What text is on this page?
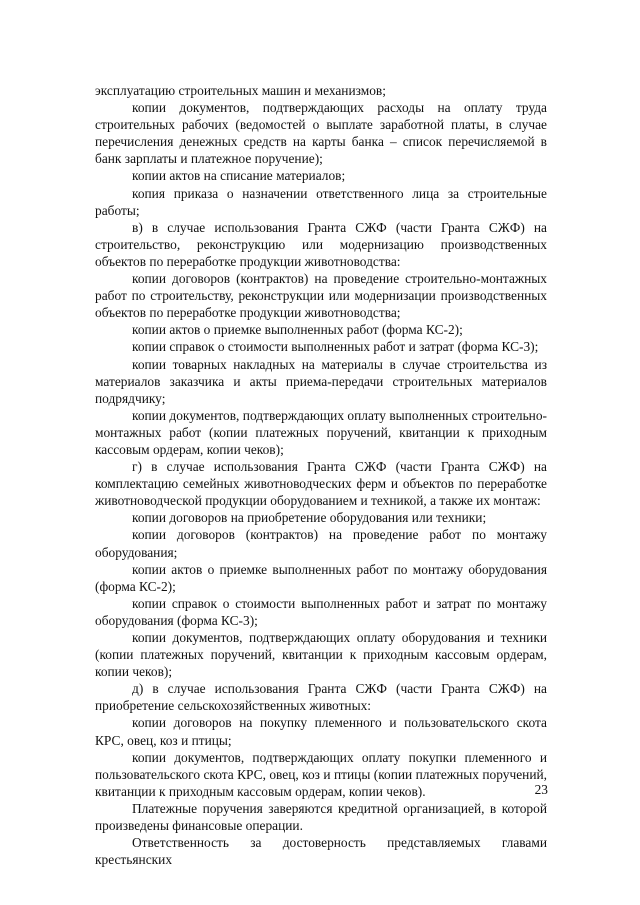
эксплуатацию строительных машин и механизмов;

копии документов, подтверждающих расходы на оплату труда строительных рабочих (ведомостей о выплате заработной платы, в случае перечисления денежных средств на карты банка – список перечисляемой в банк зарплаты и платежное поручение);

копии актов на списание материалов;

копия приказа о назначении ответственного лица за строительные работы;

в) в случае использования Гранта СЖФ (части Гранта СЖФ) на строительство, реконструкцию или модернизацию производственных объектов по переработке продукции животноводства:

копии договоров (контрактов) на проведение строительно-монтажных работ по строительству, реконструкции или модернизации производственных объектов по переработке продукции животноводства;

копии актов о приемке выполненных работ (форма КС-2);

копии справок о стоимости выполненных работ и затрат (форма КС-3);

копии товарных накладных на материалы в случае строительства из материалов заказчика и акты приема-передачи строительных материалов подрядчику;

копии документов, подтверждающих оплату выполненных строительно-монтажных работ (копии платежных поручений, квитанции к приходным кассовым ордерам, копии чеков);

г) в случае использования Гранта СЖФ (части Гранта СЖФ) на комплектацию семейных животноводческих ферм и объектов по переработке животноводческой продукции оборудованием и техникой, а также их монтаж:

копии договоров на приобретение оборудования или техники;

копии договоров (контрактов) на проведение работ по монтажу оборудования;

копии актов о приемке выполненных работ по монтажу оборудования (форма КС-2);

копии справок о стоимости выполненных работ и затрат по монтажу оборудования (форма КС-3);

копии документов, подтверждающих оплату оборудования и техники (копии платежных поручений, квитанции к приходным кассовым ордерам, копии чеков);

д) в случае использования Гранта СЖФ (части Гранта СЖФ) на приобретение сельскохозяйственных животных:

копии договоров на покупку племенного и пользовательского скота КРС, овец, коз и птицы;

копии документов, подтверждающих оплату покупки племенного и пользовательского скота КРС, овец, коз и птицы (копии платежных поручений, квитанции к приходным кассовым ордерам, копии чеков).

Платежные поручения заверяются кредитной организацией, в которой произведены финансовые операции.

Ответственность за достоверность представляемых главами крестьянских

23
